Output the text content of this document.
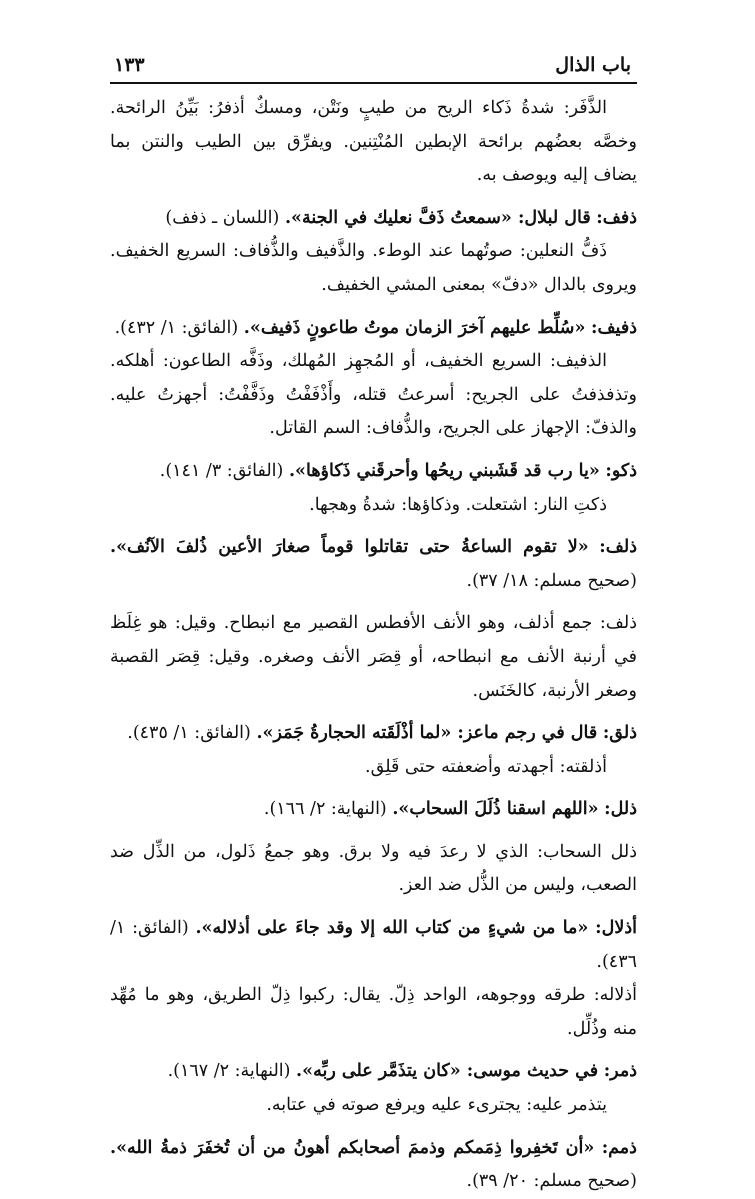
باب الذال
١٣٣

الذَّفَر: شدةُ ذَكاء الريح من طيبٍ ونَتْن، ومسكٌ أذفرُ: بَيِّنُ الرائحة. وخصَّه بعضُهم برائحة الإبطين المُنْتِنين. ويفرِّق بين الطيب والنتن بما يضاف إليه ويوصف به.

ذفف: قال لبلال: «سمعتُ ذَفَّ نعليك في الجنة». (اللسان ـ ذفف)

ذَفُّ النعلين: صوتُهما عند الوطء. والذَّفيف والذُّفاف: السريع الخفيف. ويروى بالدال «دفّ» بمعنى المشي الخفيف.

ذفيف: «سُلِّط عليهم آخرَ الزمان موتُ طاعونٍ ذَفيف». (الفائق: ١/ ٤٣٢).

الذفيف: السريع الخفيف، أو المُجهِز المُهلك، وذَفَّه الطاعون: أهلكه. وتذفذفتُ على الجريح: أسرعتُ قتله، وأَذْفَفْتُ وذَفَّفْتُ: أجهزتُ عليه. والذفّ: الإجهاز على الجريح، والذُّفاف: السم القاتل.

ذكو: «يا رب قد قَشَبني ريحُها وأحرقَني ذَكاؤها». (الفائق: ٣/ ١٤١).

ذكتِ النار: اشتعلت. وذكاؤها: شدةُ وهجها.

ذلف: «لا تقوم الساعةُ حتى تقاتلوا قوماً صغارَ الأعين ذُلفَ الآنُف». (صحيح مسلم: ١٨/ ٣٧).

ذلف: جمع أذلف، وهو الأنف الأفطس القصير مع انبطاح. وقيل: هو غِلَظ في أرنبة الأنف مع انبطاحه، أو قِصَر الأنف وصغره. وقيل: قِصَر القصبة وصغر الأرنبة، كالخَنَس.

ذلق: قال في رجم ماعز: «لما أذْلَقَته الحجارةُ جَمَز». (الفائق: ١/ ٤٣٥).

أذلقته: أجهدته وأضعفته حتى قَلِق.

ذلل: «اللهم اسقنا ذُلَلَ السحاب». (النهاية: ٢/ ١٦٦).

ذلل السحاب: الذي لا رعدَ فيه ولا برق. وهو جمعُ ذَلول، من الذِّل ضد الصعب، وليس من الذُّل ضد العز.

أذلال: «ما من شيءٍ من كتاب الله إلا وقد جاءَ على أذلاله». (الفائق: ١/ ٤٣٦).

أذلاله: طرقه ووجوهه، الواحد ذِلّ. يقال: ركبوا ذِلّ الطريق، وهو ما مُهِّد منه وذُلِّل.

ذمر: في حديث موسى: «كان يتذَمَّر على ربِّه». (النهاية: ٢/ ١٦٧).

يتذمر عليه: يجترىء عليه ويرفع صوته في عتابه.

ذمم: «أن تَخفِروا ذِمَمكم وذممَ أصحابكم أهونُ من أن تُخفَرَ ذمةُ الله». (صحيح مسلم: ٢٠/ ٣٩).
